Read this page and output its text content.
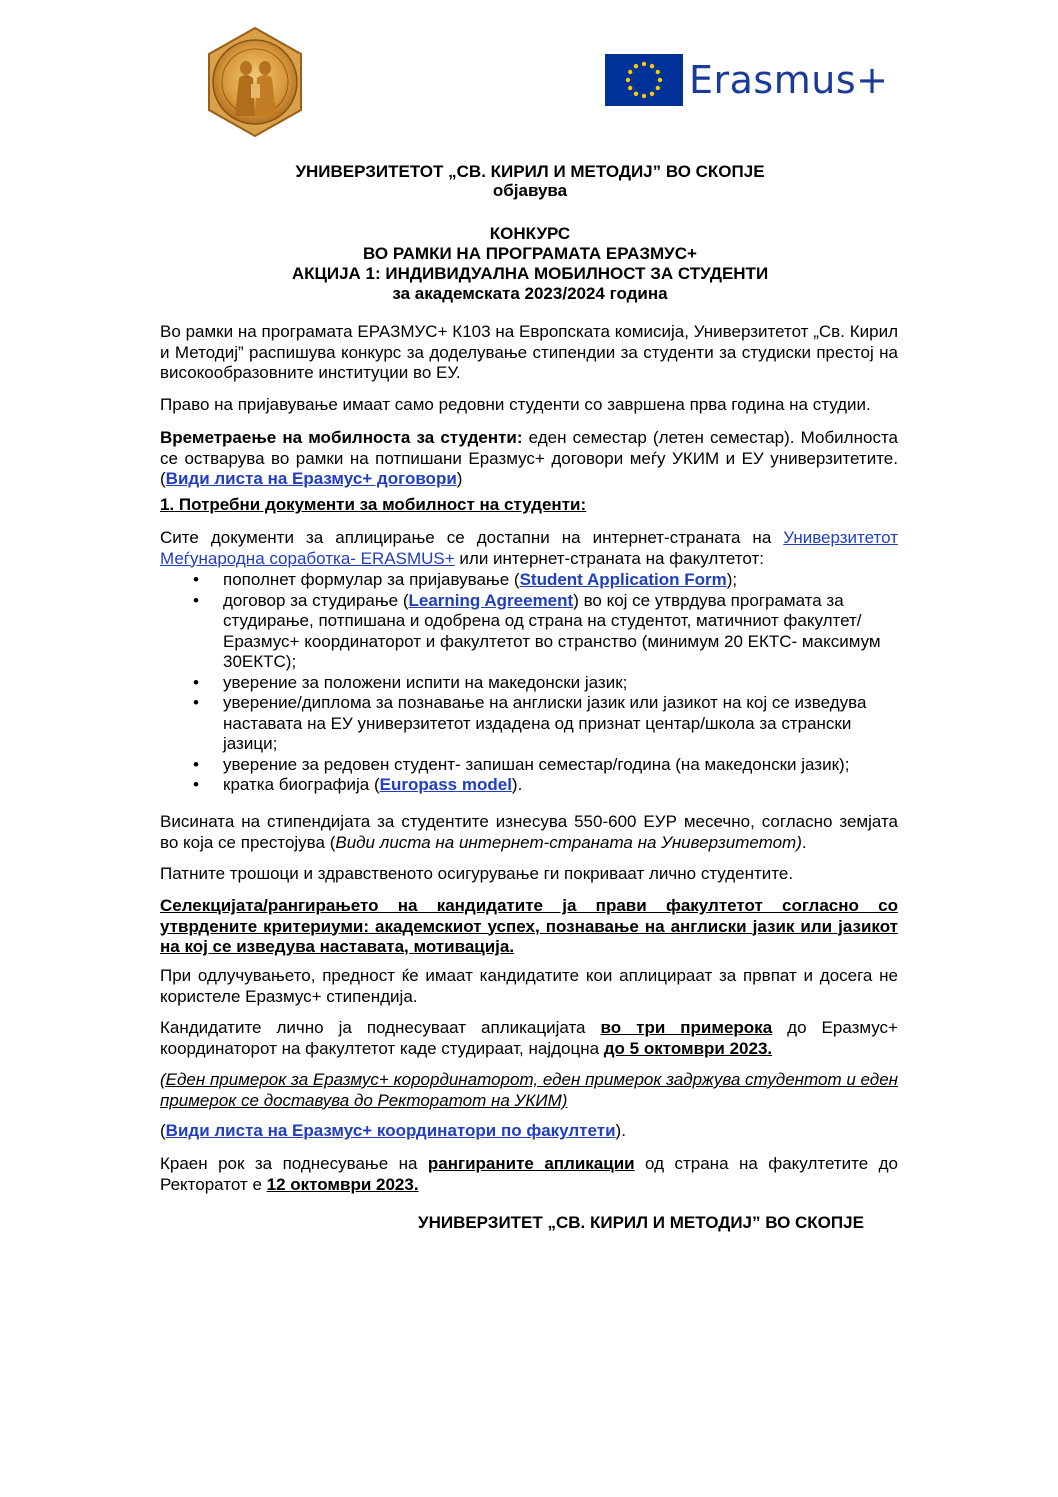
Erasmus+
УНИВЕРЗИТЕТОТ „СВ. КИРИЛ И МЕТОДИЈ” ВО СКОПЈЕ
објавува
КОНКУРС
ВО РАМКИ НА ПРОГРАМАТА ЕРАЗМУС+
АКЦИЈА 1: ИНДИВИДУАЛНА МОБИЛНОСТ ЗА СТУДЕНТИ
за академската 2023/2024 година

Во рамки на програмата ЕРАЗМУС+ К103 на Европската комисија, Универзитетот „Св. Кирил и Методиј” распишува конкурс за доделување стипендии за студенти за студиски престој на високообразовните институции во ЕУ.

Право на пријавување имаат само редовни студенти со завршена прва година на студии.

Времетраење на мобилноста за студенти: еден семестар (летен семестар). Мобилноста се остварува во рамки на потпишани Еразмус+ договори меѓу УКИМ и ЕУ универзитетите. (Види листа на Еразмус+ договори)

1. Потребни документи за мобилност на студенти:

Сите документи за аплицирање се достапни на интернет-страната на Универзитетот Меѓународна соработка- ERASMUS+ или интернет-страната на факултетот:

• пополнет формулар за пријавување (Student Application Form);
• договор за студирање (Learning Agreement) во кој се утврдува програмата за студирање, потпишана и одобрена од страна на студентот, матичниот факултет/Еразмус+ координаторот и факултетот во странство (минимум 20 ЕКТС- максимум 30ЕКТС);
• уверение за положени испити на македонски јазик;
• уверение/диплома за познавање на англиски јазик или јазикот на кој се изведува наставата на ЕУ универзитетот издадена од признат центар/школа за странски јазици;
• уверение за редовен студент- запишан семестар/година (на македонски јазик);
• кратка биографија (Europass model).

Висината на стипендијата за студентите изнесува 550-600 ЕУР месечно, согласно земјата во која се престојува (Види листа на интернет-страната на Универзитетот).

Патните трошоци и здравственото осигурување ги покриваат лично студентите.

Селекцијата/рангирањето на кандидатите ја прави факултетот согласно со утврдените критериуми: академскиот успех, познавање на англиски јазик или јазикот на кој се изведува наставата, мотивација.

При одлучувањето, предност ќе имаат кандидатите кои аплицираат за првпат и досега не користеле Еразмус+ стипендија.

Кандидатите лично ја поднесуваат апликацијата во три примерока до Еразмус+ координаторот на факултетот каде студираат, најдоцна до 5 октомври 2023.

(Еден примерок за Еразмус+ корординаторот, еден примерок задржува студентот и еден примерок се доставува до Ректоратот на УКИМ)

(Види листа на Еразмус+ координатори по факултети).

Краен рок за поднесување на рангираните апликации од страна на факултетите до Ректоратот е 12 октомври 2023.

УНИВЕРЗИТЕТ „СВ. КИРИЛ И МЕТОДИЈ” ВО СКОПЈЕ
